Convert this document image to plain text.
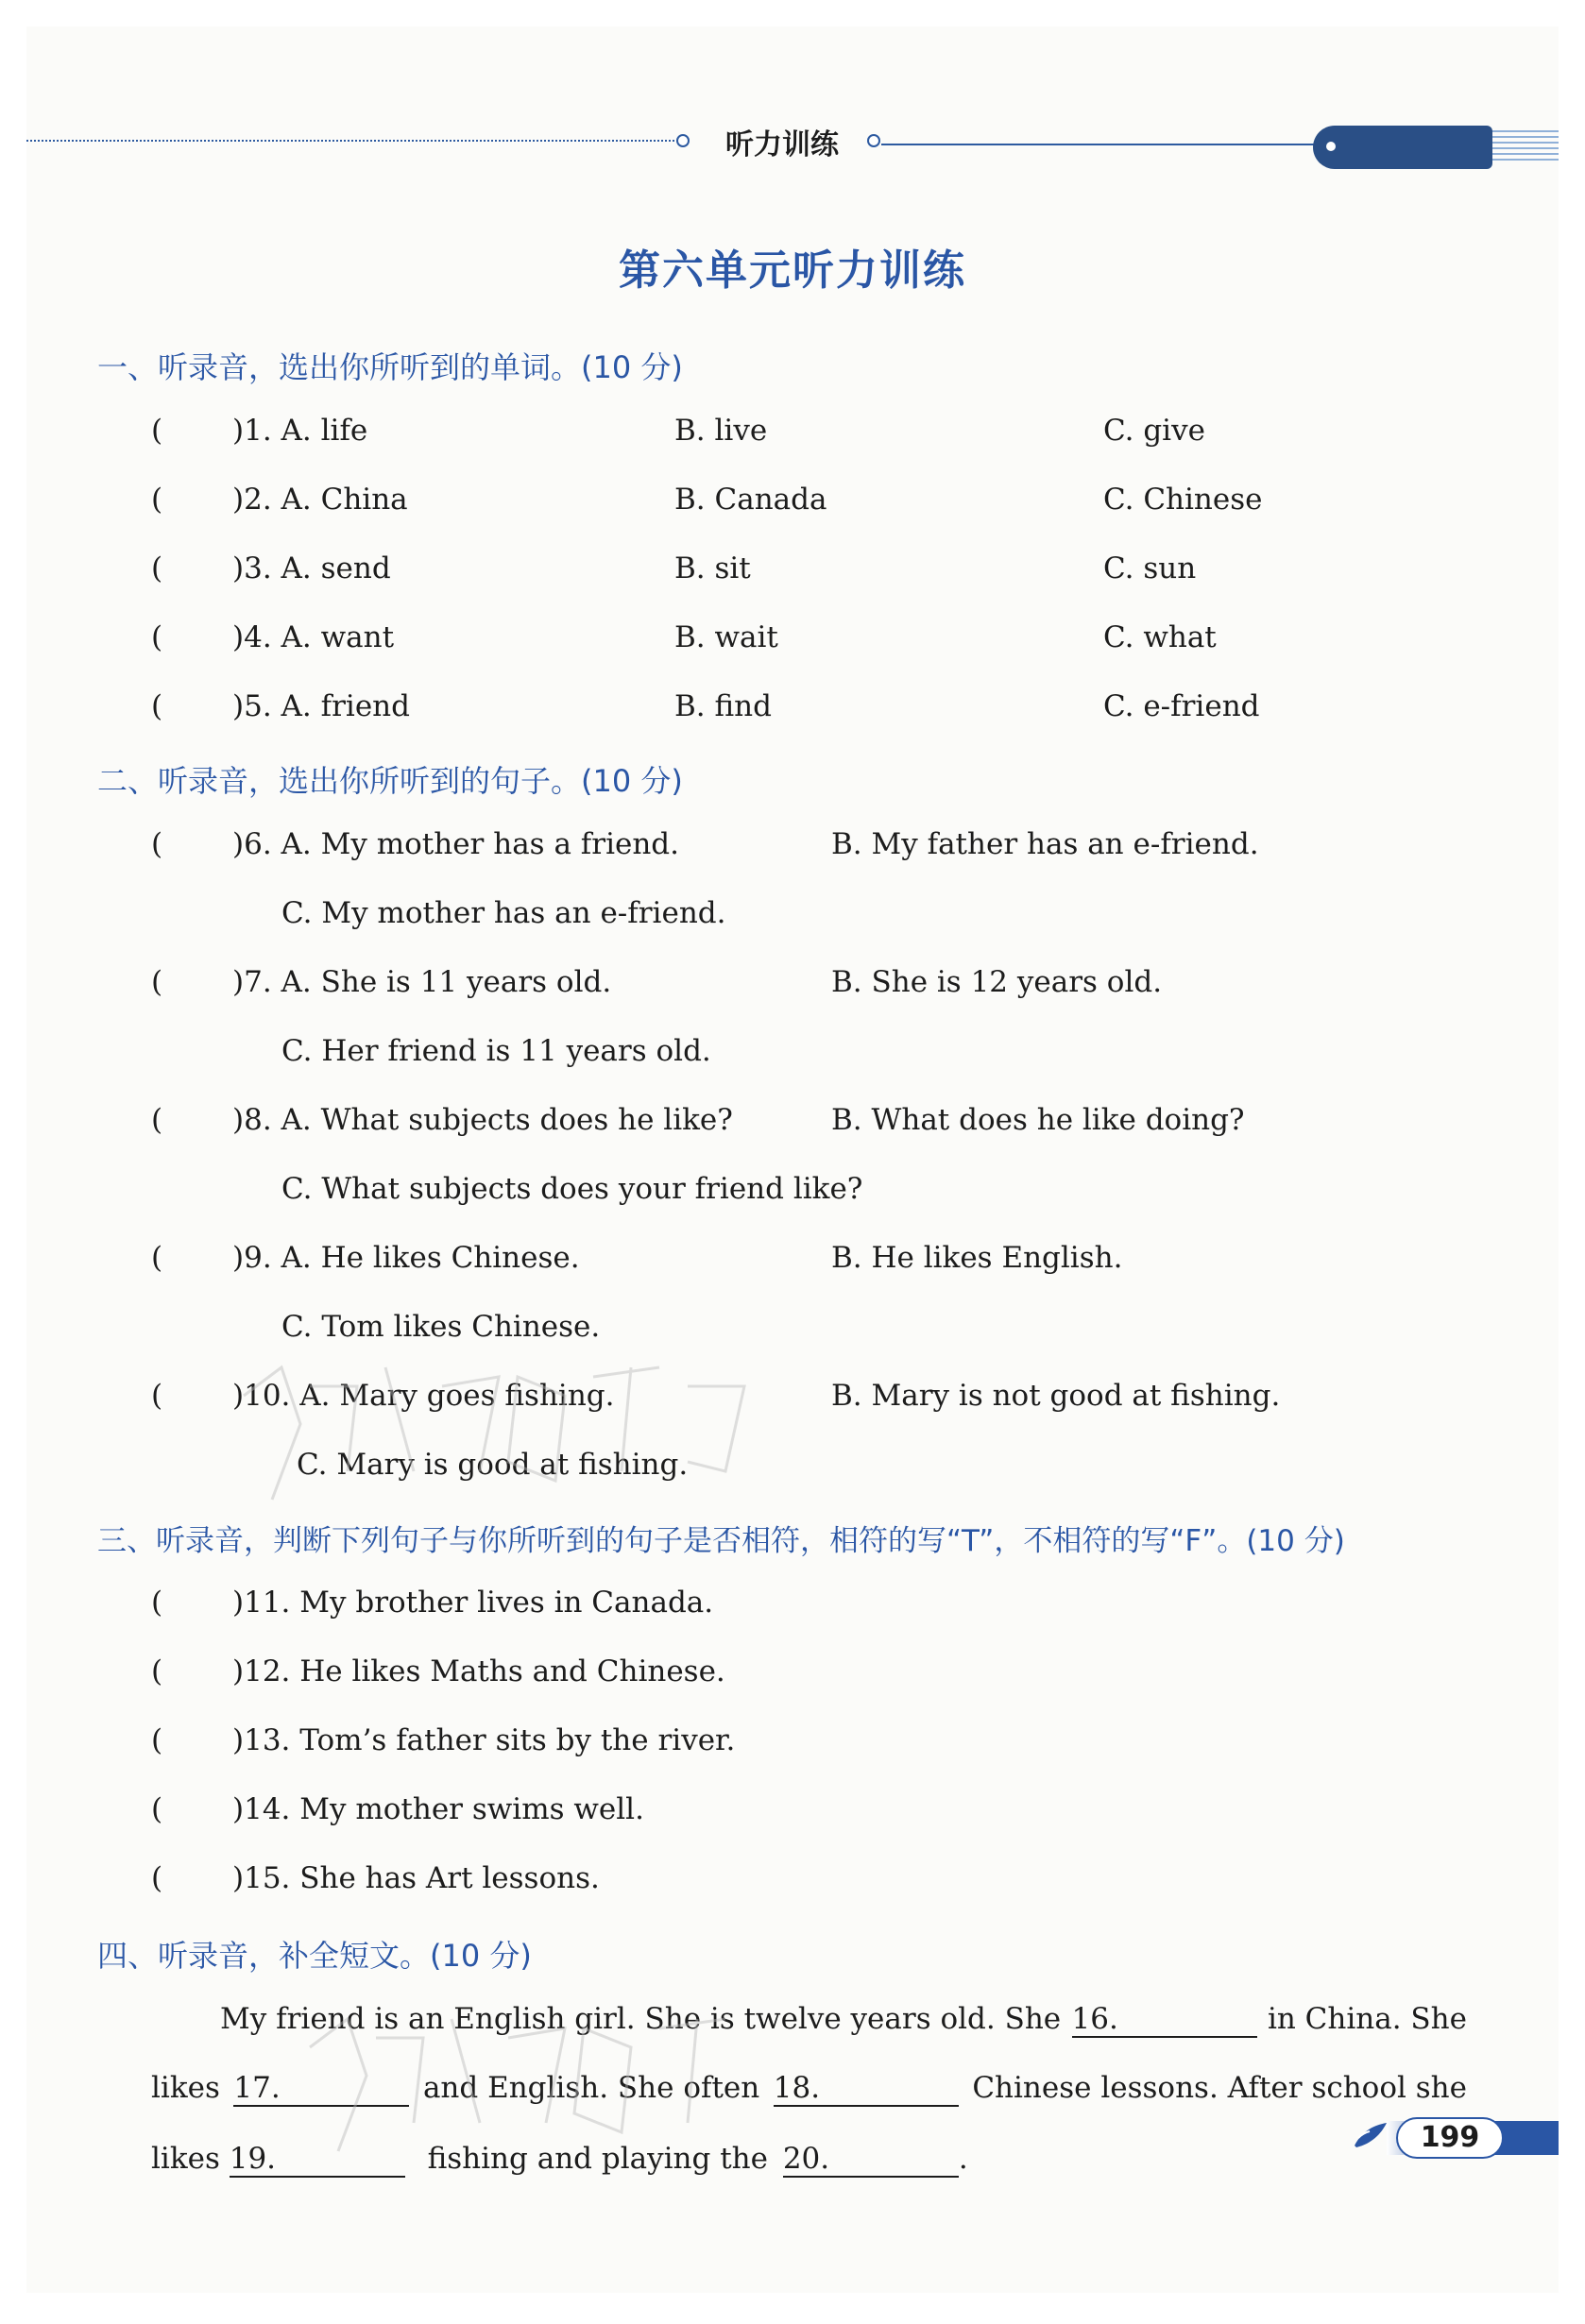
听力训练
第六单元听力训练
一、听录音，选出你所听到的单词。(10 分)
( )1. A. life	B. live	C. give
( )2. A. China	B. Canada	C. Chinese
( )3. A. send	B. sit	C. sun
( )4. A. want	B. wait	C. what
( )5. A. friend	B. find	C. e-friend
二、听录音，选出你所听到的句子。(10 分)
( )6. A. My mother has a friend.	B. My father has an e-friend.
C. My mother has an e-friend.
( )7. A. She is 11 years old.	B. She is 12 years old.
C. Her friend is 11 years old.
( )8. A. What subjects does he like?	B. What does he like doing?
C. What subjects does your friend like?
( )9. A. He likes Chinese.	B. He likes English.
C. Tom likes Chinese.
( )10. A. Mary goes fishing.	B. Mary is not good at fishing.
C. Mary is good at fishing.
三、听录音，判断下列句子与你所听到的句子是否相符，相符的写“T”，不相符的写“F”。(10 分)
( )11. My brother lives in Canada.
( )12. He likes Maths and Chinese.
( )13. Tom’s father sits by the river.
( )14. My mother swims well.
( )15. She has Art lessons.
四、听录音，补全短文。(10 分)
My friend is an English girl. She is twelve years old. She 16.	in China. She
likes 17.	and English. She often 18.	Chinese lessons. After school she
likes 19.	fishing and playing the 20.	.
199
